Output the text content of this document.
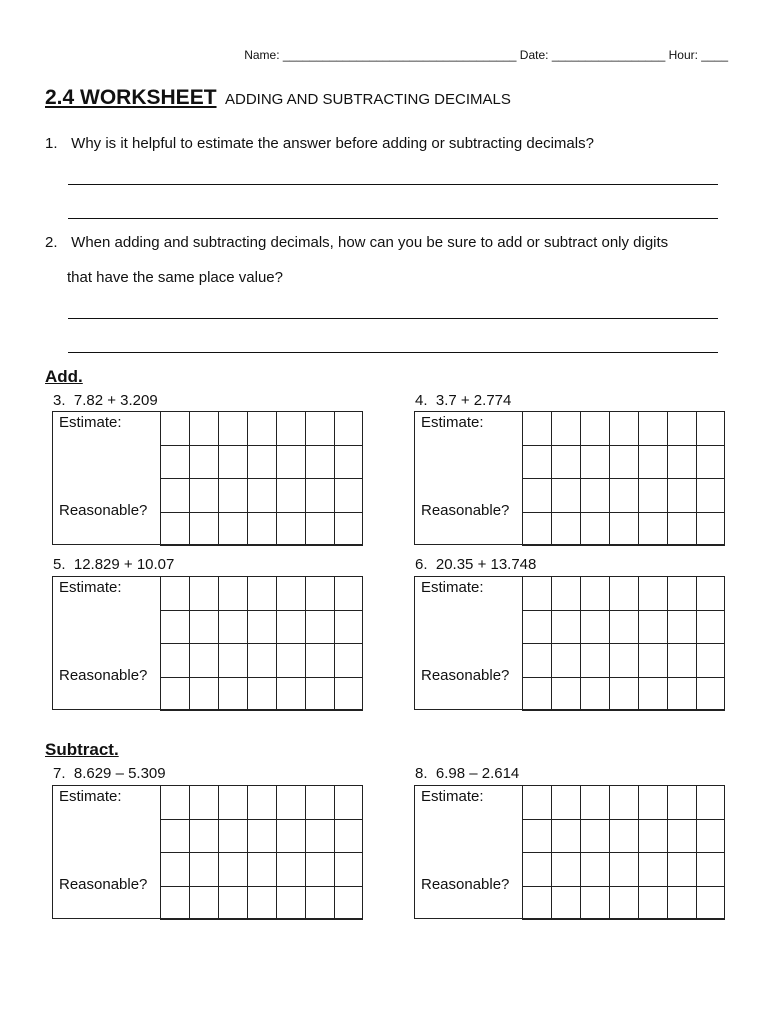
Name: ___________________________________ Date: _________________ Hour: ____
2.4 WORKSHEET ADDING AND SUBTRACTING DECIMALS
1. Why is it helpful to estimate the answer before adding or subtracting decimals?
2. When adding and subtracting decimals, how can you be sure to add or subtract only digits
that have the same place value?
Add.
3. 7.82 + 3.209
Estimate:
Reasonable?
4. 3.7 + 2.774
Estimate:
Reasonable?
5. 12.829 + 10.07
Estimate:
Reasonable?
6. 20.35 + 13.748
Estimate:
Reasonable?
Subtract.
7. 8.629 – 5.309
Estimate:
Reasonable?
8. 6.98 – 2.614
Estimate:
Reasonable?
